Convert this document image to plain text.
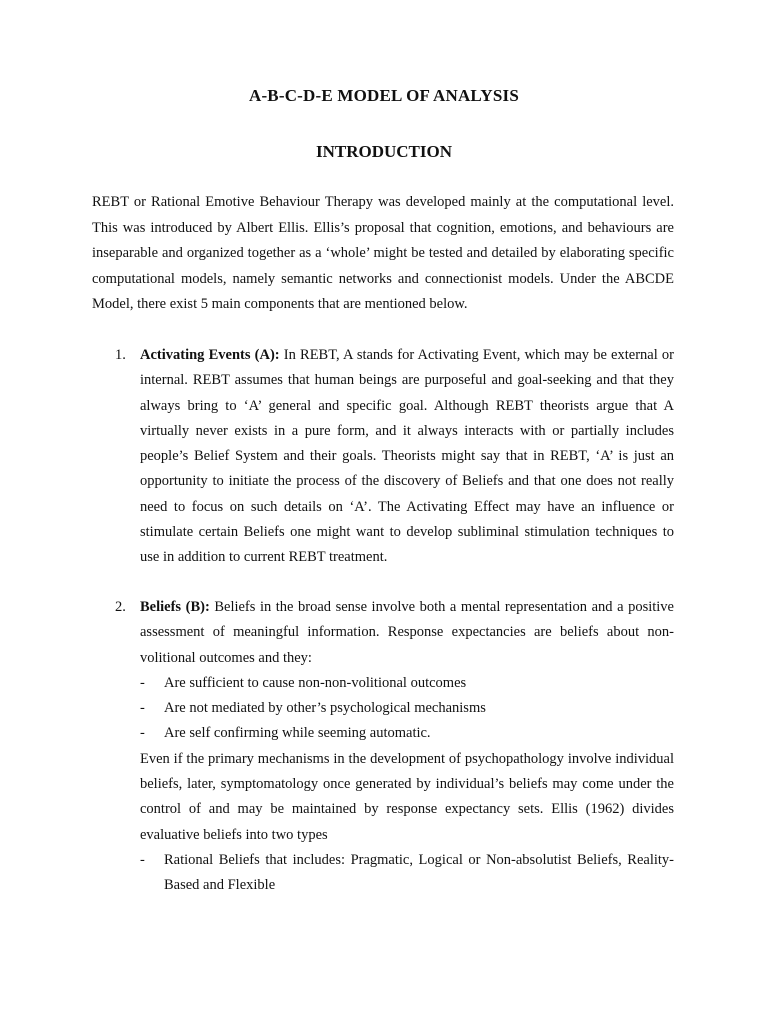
A-B-C-D-E MODEL OF ANALYSIS
INTRODUCTION

REBT or Rational Emotive Behaviour Therapy was developed mainly at the computational level. This was introduced by Albert Ellis. Ellis’s proposal that cognition, emotions, and behaviours are inseparable and organized together as a ‘whole’ might be tested and detailed by elaborating specific computational models, namely semantic networks and connectionist models. Under the ABCDE Model, there exist 5 main components that are mentioned below.

1. Activating Events (A): In REBT, A stands for Activating Event, which may be external or internal. REBT assumes that human beings are purposeful and goal-seeking and that they always bring to ‘A’ general and specific goal. Although REBT theorists argue that A virtually never exists in a pure form, and it always interacts with or partially includes people’s Belief System and their goals. Theorists might say that in REBT, ‘A’ is just an opportunity to initiate the process of the discovery of Beliefs and that one does not really need to focus on such details on ‘A’. The Activating Effect may have an influence or stimulate certain Beliefs one might want to develop subliminal stimulation techniques to use in addition to current REBT treatment.

2. Beliefs (B): Beliefs in the broad sense involve both a mental representation and a positive assessment of meaningful information. Response expectancies are beliefs about non-volitional outcomes and they:

- Are sufficient to cause non-non-volitional outcomes
- Are not mediated by other’s psychological mechanisms
- Are self confirming while seeming automatic.

Even if the primary mechanisms in the development of psychopathology involve individual beliefs, later, symptomatology once generated by individual’s beliefs may come under the control of and may be maintained by response expectancy sets. Ellis (1962) divides evaluative beliefs into two types

- Rational Beliefs that includes: Pragmatic, Logical or Non-absolutist Beliefs, Reality-Based and Flexible
